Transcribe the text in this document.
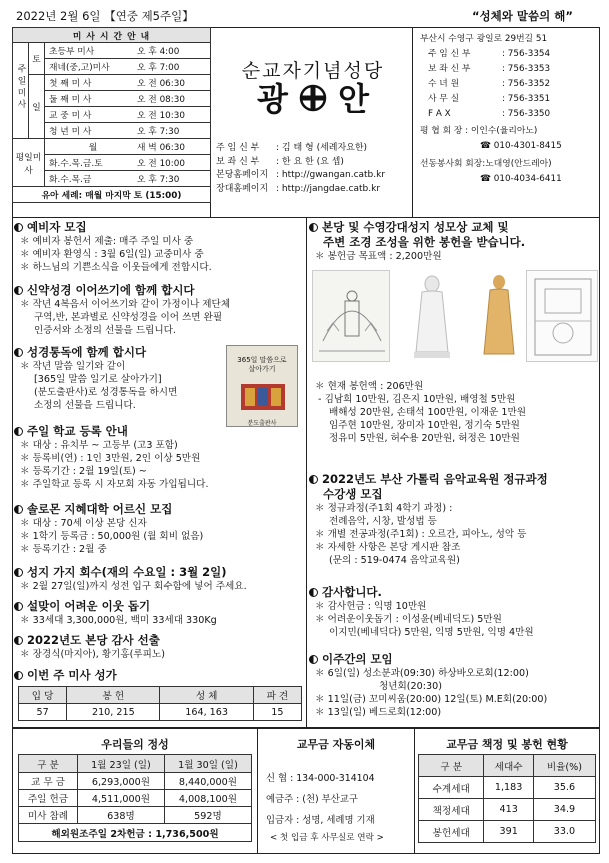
2022년 2월 6일 【연중 제5주일】	“성체와 말씀의 해”
미 사 시 간 안 내		
주일미사	토	초등부 미사 오 후 4:00
		재네(중,고)미사 오 후 7:00
	일	첫 째 미 사 오 전 06:30
		둘 째 미 사 오 전 08:30
		교 중 미 사 오 전 10:30
		청 년 미 사 오 후 7:30
평일미사		월 새 벽 06:30
		화.수.목.금.토 오 전 10:00
		화.수.목.금 오 후 7:30
유아 세례: 매월 마지막 토 (15:00)		
순교자기념성당
광 안
주 임 신 부 : 김 태 형 (세례자요한)
보 좌 신 부 : 한 요 한 (요 셉)
본당홈페이지 : http://gwangan.catb.kr
장대홈페이지 : http://jangdae.catb.kr
부산시 수영구 광일로 29번길 51
주 임 신 부	: 756-3354
보 좌 신 부	: 756-3353
수 녀 원	: 756-3352
사 무 실	: 756-3351
F A X	: 756-3350
평 협 회 장 : 이인수(율리아노)
☎ 010-4301-8415
선동봉사회 회장:노대영(안드레아)
☎ 010-4034-6411
예비자 모집
＊ 예비자 봉헌서 제출: 매주 주일 미사 중
＊ 예비자 환영식 : 3월 6일(일) 교중미사 중
＊ 하느님의 기쁜소식을 이웃들에게 전합시다.
신약성경 이어쓰기에 함께 합시다
＊ 작년 4복음서 이어쓰기와 같이 가정이나 제단체
구역,반, 본과별로 신약성경을 이어 쓰면 완필
인증서와 소정의 선물을 드립니다.
성경통독에 함께 합시다
＊ 작년 말씀 일기와 같이
[365일 말씀 일기로 살아가기]
(분도출판사)로 성경통독을 하시면
소정의 선물을 드립니다.
365일 말씀으로 살아가기
분도출판사
주일 학교 등록 안내
＊ 대상 : 유치부 ~ 고등부 (고3 포함)
＊ 등록비(연) : 1인 3만원, 2인 이상 5만원
＊ 등록기간 : 2월 19일(토) ~
＊ 주일학교 등록 시 자모회 자동 가입됩니다.
솔로몬 지혜대학 어르신 모집
＊ 대상 : 70세 이상 본당 신자
＊ 1학기 등록금 : 50,000원 (월 회비 없음)
＊ 등록기간 : 2월 중
성지 가지 회수(재의 수요일 : 3월 2일)
＊ 2월 27일(일)까지 성전 입구 회수함에 넣어 주세요.
설맞이 어려운 이웃 돕기
＊ 33세대 3,300,000원, 백미 33세대 330Kg
2022년도 본당 감사 선출
＊ 장경식(마지아), 황기홍(루피노)
이번 주 미사 성가
입 당	봉 헌	성 체	파 견
57	210, 215	164, 163	15
본당 및 수영강대성지 성모상 교체 및
주변 조경 조성을 위한 봉헌을 받습니다.
＊ 봉헌금 목표액 : 2,200만원
＊ 현재 봉헌액 : 206만원
- 김남희 10만원, 김은지 10만원, 배영철 5만원
배해성 20만원, 손태석 100만원, 이재운 1만원
임주현 10만원, 장미자 10만원, 정기숙 5만원
정유미 5만원, 허수용 20만원, 허정은 10만원
2022년도 부산 가톨릭 음악교육원 정규과정
수강생 모집
＊ 정규과정(주1회 4학기 과정) :
전례음악, 시창, 발성법 등
＊ 개별 전공과정(주1회) : 오르간, 피아노, 성악 등
＊ 자세한 사항은 본당 게시판 참조
(문의 : 519-0474 음악교육원)
감사합니다.
＊ 감사헌금 : 익명 10만원
＊ 어려운이웃돕기 : 이성윤(베네딕도) 5만원
이지민(베네딕다) 5만원, 익명 5만원, 익명 4만원
이주간의 모임
＊ 6일(일) 성소분과(09:30) 하상바오로회(12:00)
청년회(20:30)
＊ 11일(금) 꼬미씨움(20:00) 12일(토) M.E회(20:00)
＊ 13일(일) 베드로회(12:00)
우리들의 정성
구 분	1월 23일 (일)	1월 30일 (일)
교 무 금	6,293,000원	8,440,000원
주일 헌금	4,511,000원	4,008,100원
미사 참례	638명	592명
해외원조주일 2차헌금 : 1,736,500원		
교무금 자동이체
신 협 : 134-000-314104
예금주 : (천) 부산교구
입금자 : 성명, 세례명 기재
< 첫 입금 후 사무실로 연락 >
교무금 책정 및 봉헌 현황
구 분	세대수	비율(%)
수계세대	1,183	35.6
책정세대	413	34.9
봉헌세대	391	33.0
